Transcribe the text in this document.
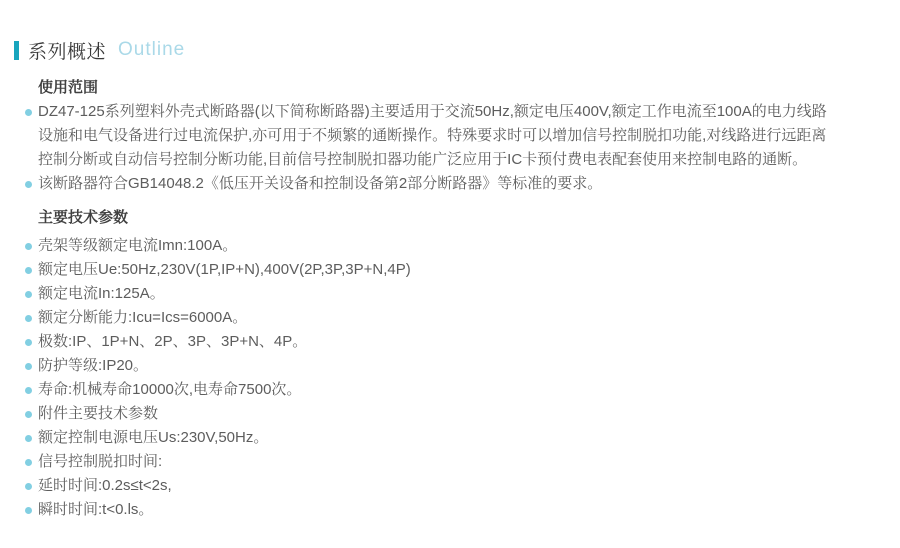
系列概述 Outline
使用范围
DZ47-125系列塑料外壳式断路器(以下简称断路器)主要适用于交流50Hz,额定电压400V,额定工作电流至100A的电力线路设施和电气设备进行过电流保护,亦可用于不频繁的通断操作。特殊要求时可以增加信号控制脱扣功能,对线路进行远距离控制分断或自动信号控制分断功能,目前信号控制脱扣器功能广泛应用于IC卡预付费电表配套使用来控制电路的通断。
该断路器符合GB14048.2《低压开关设备和控制设备第2部分断路器》等标准的要求。
主要技术参数
壳架等级额定电流Imn:100A。
额定电压Ue:50Hz,230V(1P,IP+N),400V(2P,3P,3P+N,4P)
额定电流In:125A。
额定分断能力:Icu=Ics=6000A。
极数:IP、1P+N、2P、3P、3P+N、4P。
防护等级:IP20。
寿命:机械寿命10000次,电寿命7500次。
附件主要技术参数
额定控制电源电压Us:230V,50Hz。
信号控制脱扣时间:
延时时间:0.2s≤t<2s,
瞬时时间:t<0.ls。
